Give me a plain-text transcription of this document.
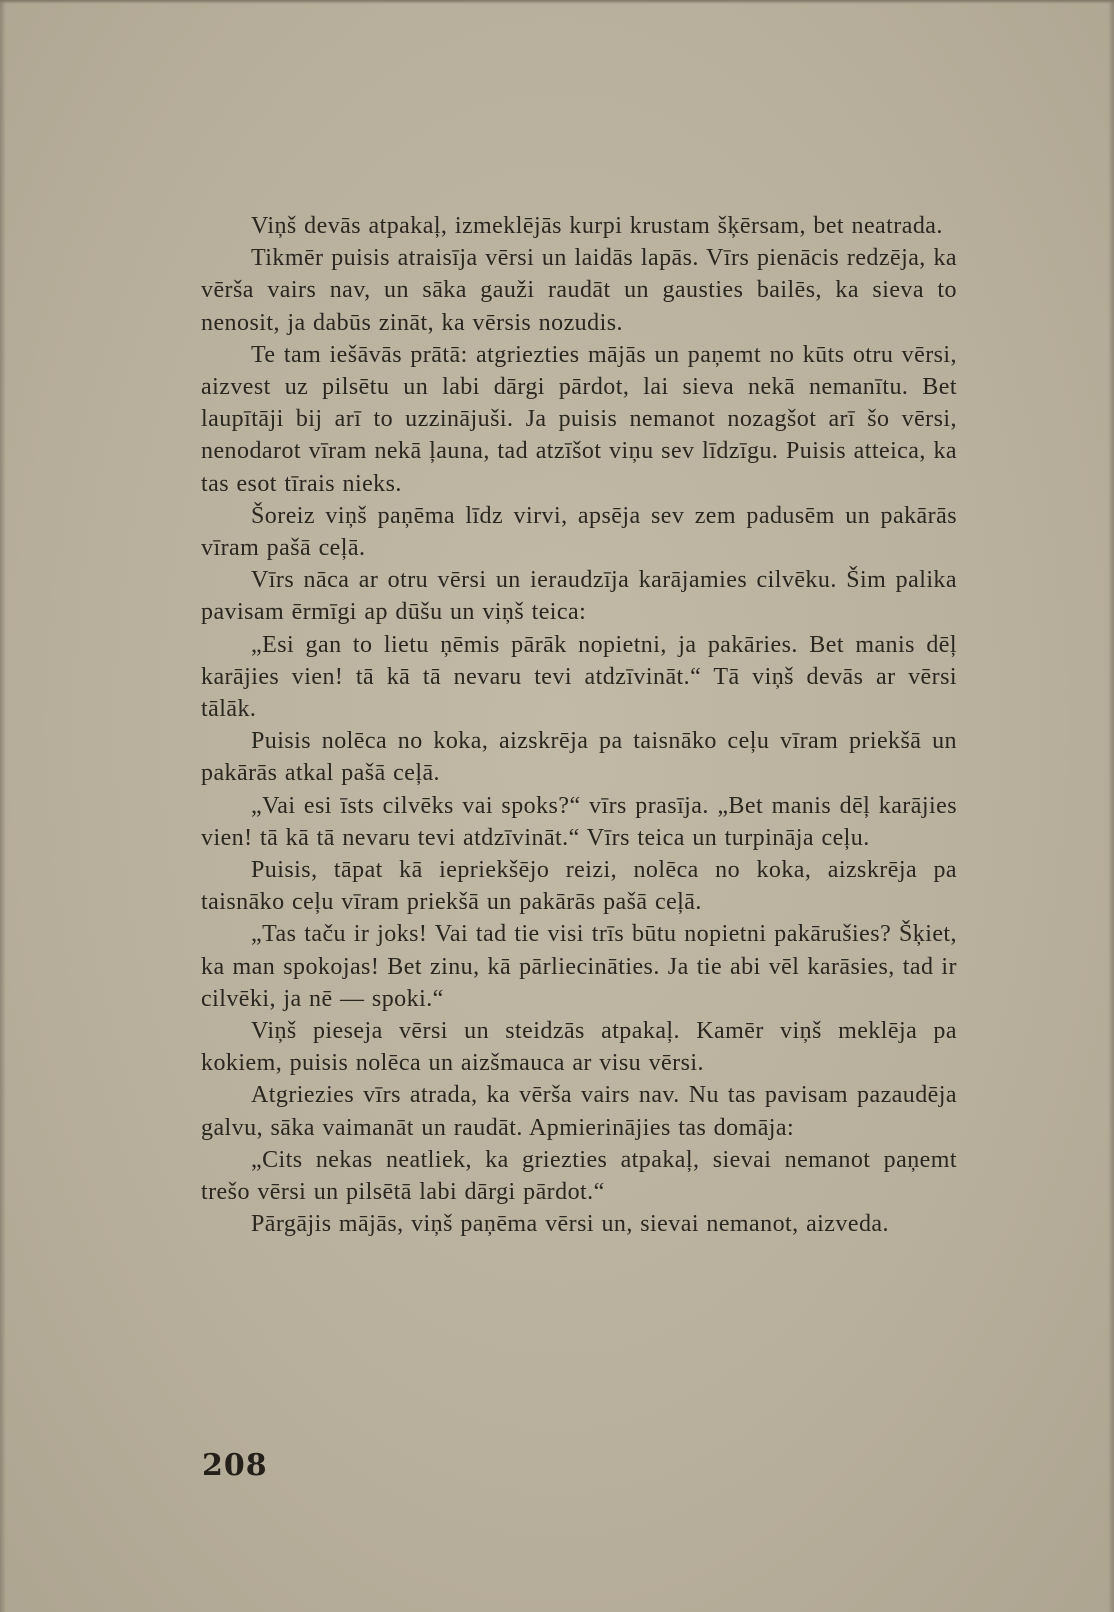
Viņš devās atpakaļ, izmeklējās kurpi krustam šķērsam, bet neatrada.

Tikmēr puisis atraisīja vērsi un laidās lapās. Vīrs pienācis redzēja, ka vērša vairs nav, un sāka gauži raudāt un gausties bailēs, ka sieva to nenosit, ja dabūs zināt, ka vērsis nozudis.

Te tam iešāvās prātā: atgriezties mājās un paņemt no kūts otru vērsi, aizvest uz pilsētu un labi dārgi pārdot, lai sieva nekā nemanītu. Bet laupītāji bij arī to uzzinājuši. Ja puisis nemanot nozagšot arī šo vērsi, nenodarot vīram nekā ļauna, tad atzīšot viņu sev līdzīgu. Puisis atteica, ka tas esot tīrais nieks.

Šoreiz viņš paņēma līdz virvi, apsēja sev zem padusēm un pakārās vīram pašā ceļā.

Vīrs nāca ar otru vērsi un ieraudzīja karājamies cilvēku. Šim palika pavisam ērmīgi ap dūšu un viņš teica:

„Esi gan to lietu ņēmis pārāk nopietni, ja pakāries. Bet manis dēļ karājies vien! tā kā tā nevaru tevi atdzīvināt.“ Tā viņš devās ar vērsi tālāk.

Puisis nolēca no koka, aizskrēja pa taisnāko ceļu vīram priekšā un pakārās atkal pašā ceļā.

„Vai esi īsts cilvēks vai spoks?“ vīrs prasīja. „Bet manis dēļ karājies vien! tā kā tā nevaru tevi atdzīvināt.“ Vīrs teica un turpināja ceļu.

Puisis, tāpat kā iepriekšējo reizi, nolēca no koka, aizskrēja pa taisnāko ceļu vīram priekšā un pakārās pašā ceļā.

„Tas taču ir joks! Vai tad tie visi trīs būtu nopietni pakārušies? Šķiet, ka man spokojas! Bet zinu, kā pārliecināties. Ja tie abi vēl karāsies, tad ir cilvēki, ja nē — spoki.“

Viņš pieseja vērsi un steidzās atpakaļ. Kamēr viņš meklēja pa kokiem, puisis nolēca un aizšmauca ar visu vērsi.

Atgriezies vīrs atrada, ka vērša vairs nav. Nu tas pavisam pazaudēja galvu, sāka vaimanāt un raudāt. Apmierinājies tas domāja:

„Cits nekas neatliek, ka griezties atpakaļ, sievai nemanot paņemt trešo vērsi un pilsētā labi dārgi pārdot.“

Pārgājis mājās, viņš paņēma vērsi un, sievai nemanot, aizveda.

208
